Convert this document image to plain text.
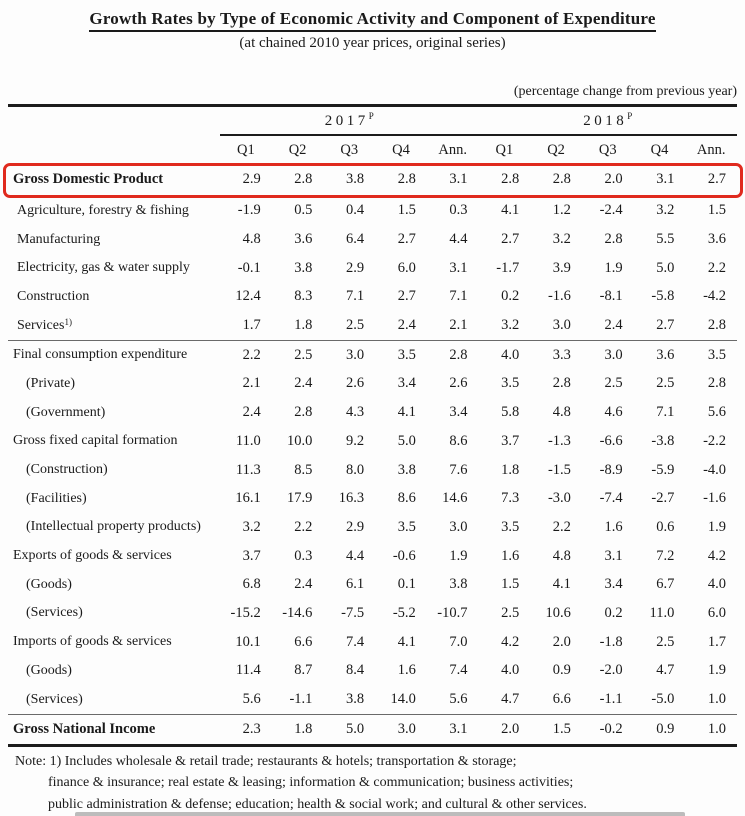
Growth Rates by Type of Economic Activity and Component of Expenditure
(at chained 2010 year prices, original series)
(percentage change from previous year)
$2017^P$	$2018^P$
Q1	Q2	Q3	Q4	Ann.	Q1	Q2	Q3	Q4	Ann.
Gross Domestic Product	2.9	2.8	3.8	2.8	3.1	2.8	2.8	2.0	3.1	2.7
Agriculture, forestry & fishing	-1.9	0.5	0.4	1.5	0.3	4.1	1.2	-2.4	3.2	1.5
Manufacturing	4.8	3.6	6.4	2.7	4.4	2.7	3.2	2.8	5.5	3.6
Electricity, gas & water supply	-0.1	3.8	2.9	6.0	3.1	-1.7	3.9	1.9	5.0	2.2
Construction	12.4	8.3	7.1	2.7	7.1	0.2	-1.6	-8.1	-5.8	-4.2
Services$^{1)}$	1.7	1.8	2.5	2.4	2.1	3.2	3.0	2.4	2.7	2.8
Final consumption expenditure	2.2	2.5	3.0	3.5	2.8	4.0	3.3	3.0	3.6	3.5
(Private)	2.1	2.4	2.6	3.4	2.6	3.5	2.8	2.5	2.5	2.8
(Government)	2.4	2.8	4.3	4.1	3.4	5.8	4.8	4.6	7.1	5.6
Gross fixed capital formation	11.0	10.0	9.2	5.0	8.6	3.7	-1.3	-6.6	-3.8	-2.2
(Construction)	11.3	8.5	8.0	3.8	7.6	1.8	-1.5	-8.9	-5.9	-4.0
(Facilities)	16.1	17.9	16.3	8.6	14.6	7.3	-3.0	-7.4	-2.7	-1.6
(Intellectual property products)	3.2	2.2	2.9	3.5	3.0	3.5	2.2	1.6	0.6	1.9
Exports of goods & services	3.7	0.3	4.4	-0.6	1.9	1.6	4.8	3.1	7.2	4.2
(Goods)	6.8	2.4	6.1	0.1	3.8	1.5	4.1	3.4	6.7	4.0
(Services)	-15.2	-14.6	-7.5	-5.2	-10.7	2.5	10.6	0.2	11.0	6.0
Imports of goods & services	10.1	6.6	7.4	4.1	7.0	4.2	2.0	-1.8	2.5	1.7
(Goods)	11.4	8.7	8.4	1.6	7.4	4.0	0.9	-2.0	4.7	1.9
(Services)	5.6	-1.1	3.8	14.0	5.6	4.7	6.6	-1.1	-5.0	1.0
Gross National Income	2.3	1.8	5.0	3.0	3.1	2.0	1.5	-0.2	0.9	1.0
Note: 1) Includes wholesale & retail trade; restaurants & hotels; transportation & storage;
finance & insurance; real estate & leasing; information & communication; business activities;
public administration & defense; education; health & social work; and cultural & other services.
